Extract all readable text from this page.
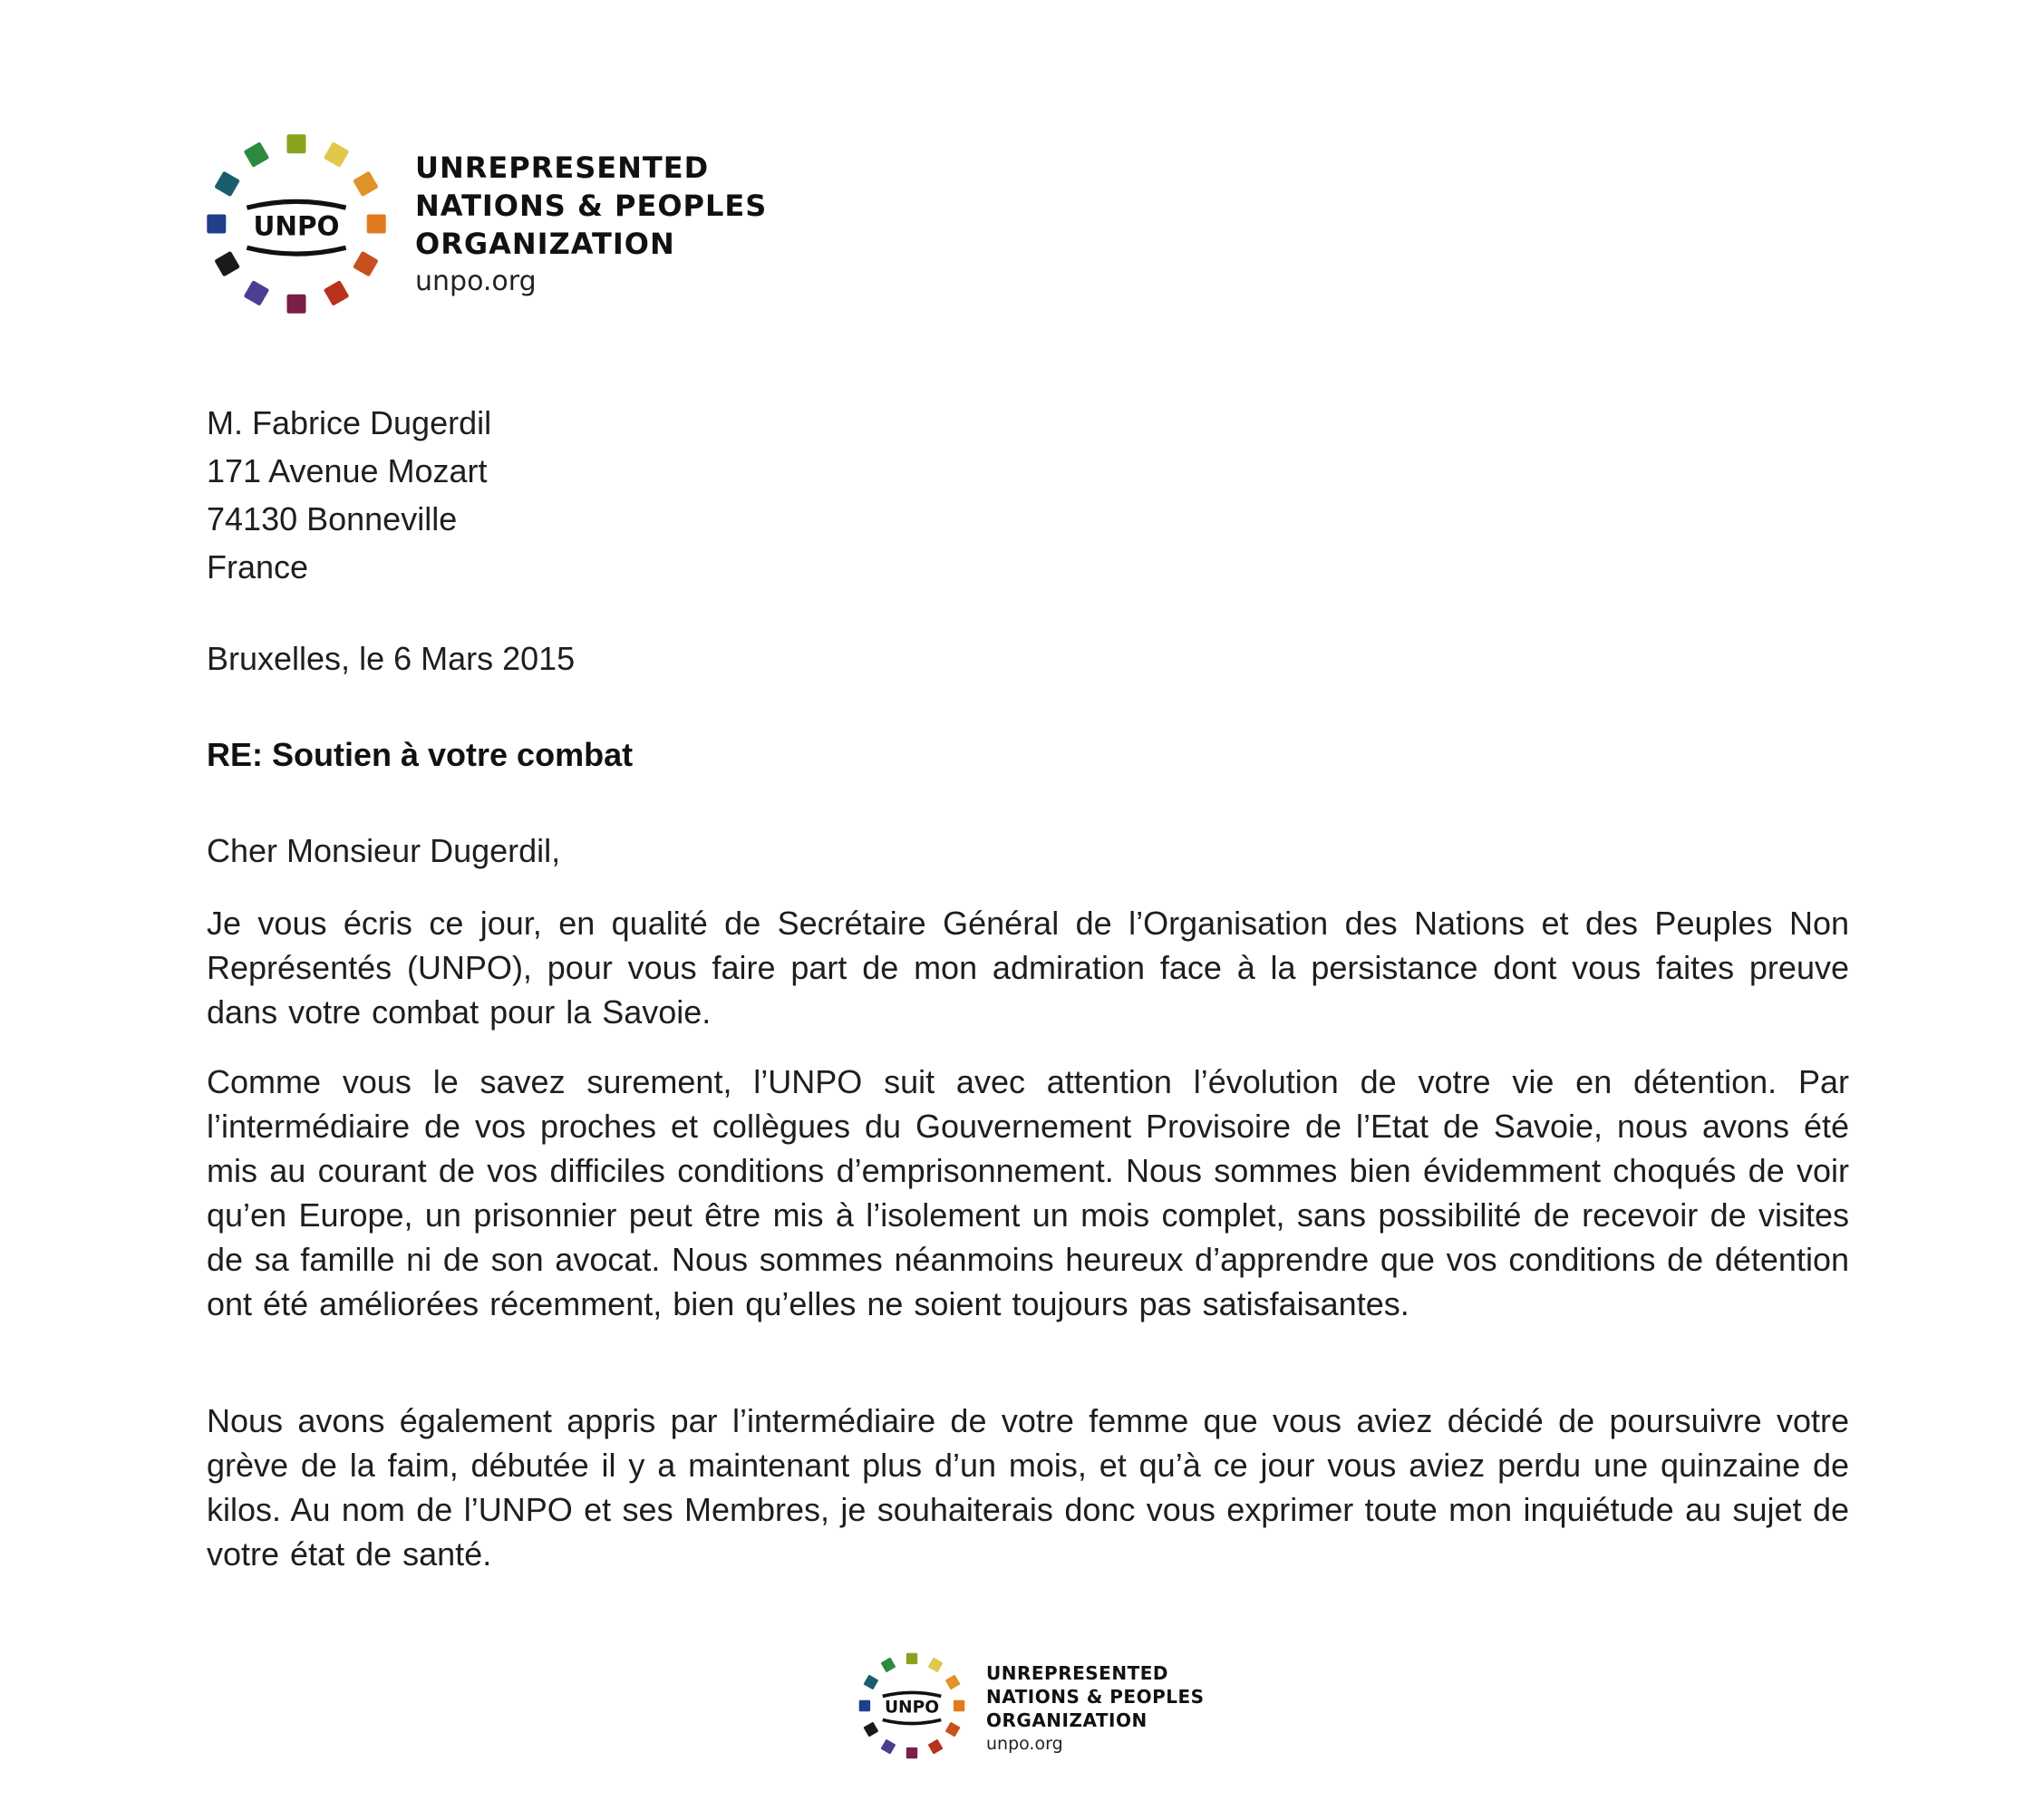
UNPO
UNREPRESENTED
NATIONS & PEOPLES
ORGANIZATION
unpo.org
M. Fabrice Dugerdil
171 Avenue Mozart
74130 Bonneville
France
Bruxelles, le 6 Mars 2015
RE: Soutien à votre combat
Cher Monsieur Dugerdil,

Je vous écris ce jour, en qualité de Secrétaire Général de l’Organisation des Nations et des Peuples Non Représentés (UNPO), pour vous faire part de mon admiration face à la persistance dont vous faites preuve dans votre combat pour la Savoie.

Comme vous le savez surement, l’UNPO suit avec attention l’évolution de votre vie en détention. Par l’intermédiaire de vos proches et collègues du Gouvernement Provisoire de l’Etat de Savoie, nous avons été mis au courant de vos difficiles conditions d’emprisonnement. Nous sommes bien évidemment choqués de voir qu’en Europe, un prisonnier peut être mis à l’isolement un mois complet, sans possibilité de recevoir de visites de sa famille ni de son avocat. Nous sommes néanmoins heureux d’apprendre que vos conditions de détention ont été améliorées récemment, bien qu’elles ne soient toujours pas satisfaisantes.

Nous avons également appris par l’intermédiaire de votre femme que vous aviez décidé de poursuivre votre grève de la faim, débutée il y a maintenant plus d’un mois, et qu’à ce jour vous aviez perdu une quinzaine de kilos. Au nom de l’UNPO et ses Membres, je souhaiterais donc vous exprimer toute mon inquiétude au sujet de votre état de santé.

UNPO
UNREPRESENTED
NATIONS & PEOPLES
ORGANIZATION
unpo.org
